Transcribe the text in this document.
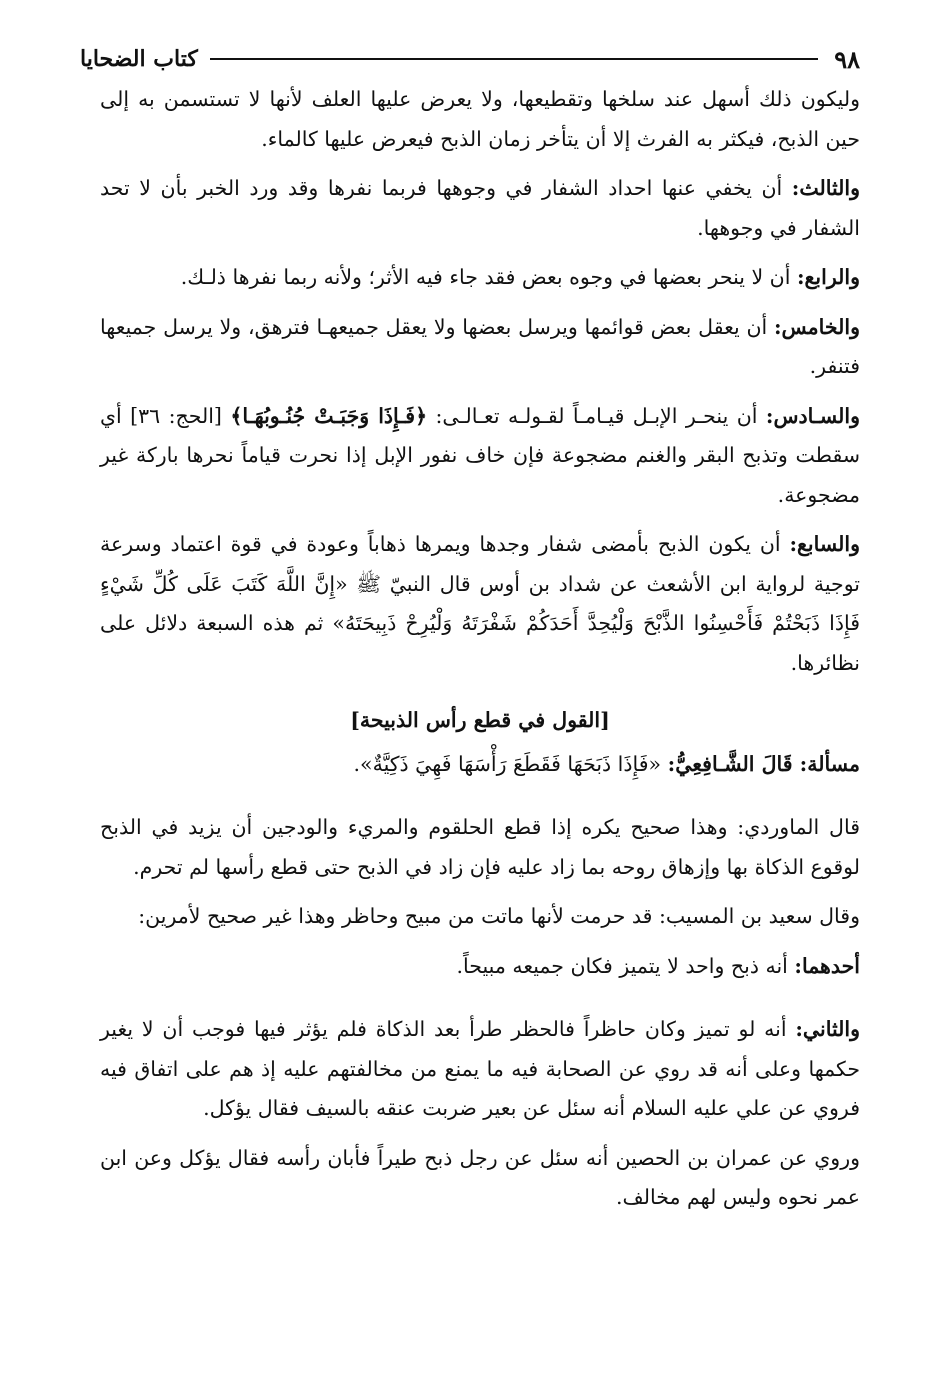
٩٨
كتاب الضحايا

وليكون ذلك أسهل عند سلخها وتقطيعها، ولا يعرض عليها العلف لأنها لا تستسمن به إلى حين الذبح، فيكثر به الفرث إلا أن يتأخر زمان الذبح فيعرض عليها كالماء.

والثالث: أن يخفي عنها احداد الشفار في وجوهها فربما نفرها وقد ورد الخبر بأن لا تحد الشفار في وجوهها.

والرابع: أن لا ينحر بعضها في وجوه بعض فقد جاء فيه الأثر؛ ولأنه ربما نفرها ذلـك.

والخامس: أن يعقل بعض قوائمها ويرسل بعضها ولا يعقل جميعهـا فترهق، ولا يرسل جميعها فتنفر.

والسـادس: أن ينحـر الإبـل قيـامـاً لقـولـه تعـالـى: ﴿فَـإِذَا وَجَبَـتْ جُنُـوبُهَـا﴾ [الحج: ٣٦] أي سقطت وتذبح البقر والغنم مضجوعة فإن خاف نفور الإبل إذا نحرت قياماً نحرها باركة غير مضجوعة.

والسابع: أن يكون الذبح بأمضى شفار وجدها ويمرها ذهاباً وعودة في قوة اعتماد وسرعة توجية لرواية ابن الأشعث عن شداد بن أوس قال النبيّ ﷺ «إِنَّ اللَّهَ كَتَبَ عَلَى كُلِّ شَيْءٍ فَإِذَا ذَبَحْتُمْ فَأَحْسِنُوا الذَّبْحَ وَلْيُحِدَّ أَحَدَكُمْ شَفْرَتَهُ وَلْيُرِحْ ذَبِيحَتَهُ» ثم هذه السبعة دلائل على نظائرها.

[القول في قطع رأس الذبيحة]

مسألة: قَالَ الشَّـافِعِيُّ: «فَإِذَا ذَبَحَهَا فَقَطَعَ رَأْسَهَا فَهِيَ ذَكِيَّةٌ».

قال الماوردي: وهذا صحيح يكره إذا قطع الحلقوم والمريء والودجين أن يزيد في الذبح لوقوع الذكاة بها وإزهاق روحه بما زاد عليه فإن زاد في الذبح حتى قطع رأسها لم تحرم.

وقال سعيد بن المسيب: قد حرمت لأنها ماتت من مبيح وحاظر وهذا غير صحيح لأمرين:

أحدهما: أنه ذبح واحد لا يتميز فكان جميعه مبيحاً.

والثاني: أنه لو تميز وكان حاظراً فالحظر طرأ بعد الذكاة فلم يؤثر فيها فوجب أن لا يغير حكمها وعلى أنه قد روي عن الصحابة فيه ما يمنع من مخالفتهم عليه إذ هم على اتفاق فيه فروي عن علي عليه السلام أنه سئل عن بعير ضربت عنقه بالسيف فقال يؤكل.

وروي عن عمران بن الحصين أنه سئل عن رجل ذبح طيراً فأبان رأسه فقال يؤكل وعن ابن عمر نحوه وليس لهم مخالف.
